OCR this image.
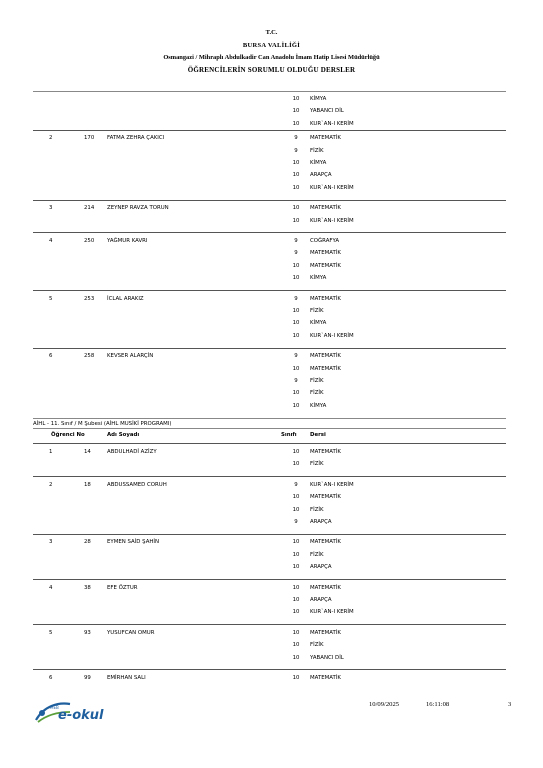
T.C.
BURSA VALİLİĞİ
Osmangazi / Mihraplı Abdulkadir Can Anadolu İmam Hatip Lisesi Müdürlüğü
ÖĞRENCİLERİN SORUMLU OLDUĞU DERSLER
10 KİMYA
10 YABANCI DİL
10 KUR`AN-I KERİM
2	170 FATMA ZEHRA ÇAKICI	9	MATEMATİK
9	FİZİK
10 KİMYA
10 ARAPÇA
10 KUR`AN-I KERİM
3	214 ZEYNEP RAVZA TORUN	10 MATEMATİK
10 KUR`AN-I KERİM
4	250 YAĞMUR KAVRI	9	COĞRAFYA
9	MATEMATİK
10 MATEMATİK
10 KİMYA
5	253 İCLAL ARAKIZ	9	MATEMATİK
10 FİZİK
10 KİMYA
10 KUR`AN-I KERİM
6	258 KEVSER ALARÇİN	9	MATEMATİK
10 MATEMATİK
9	FİZİK
10 FİZİK
10 KİMYA
AİHL - 11. Sınıf / M Şubesi (AİHL MUSİKİ PROGRAMI)
Öğrenci No	Adı Soyadı	Sınıfı Dersi
1	14	ABDULHADİ AZİZY	10 MATEMATİK
10 FİZİK
2	18	ABDUSSAMED CORUH	9	KUR`AN-I KERİM
10 MATEMATİK
10 FİZİK
9	ARAPÇA
3	28	EYMEN SAİD ŞAHİN	10 MATEMATİK
10 FİZİK
10 ARAPÇA
4	38	EFE ÖZTUR	10 MATEMATİK
10 ARAPÇA
10 KUR`AN-I KERİM
5	93	YUSUFCAN OMUR	10 MATEMATİK
10 FİZİK
10 YABANCI DİL
6	99	EMİRHAN SALI	10 MATEMATİK
MEB
e-okul
10/09/2025	16:11:08	3
